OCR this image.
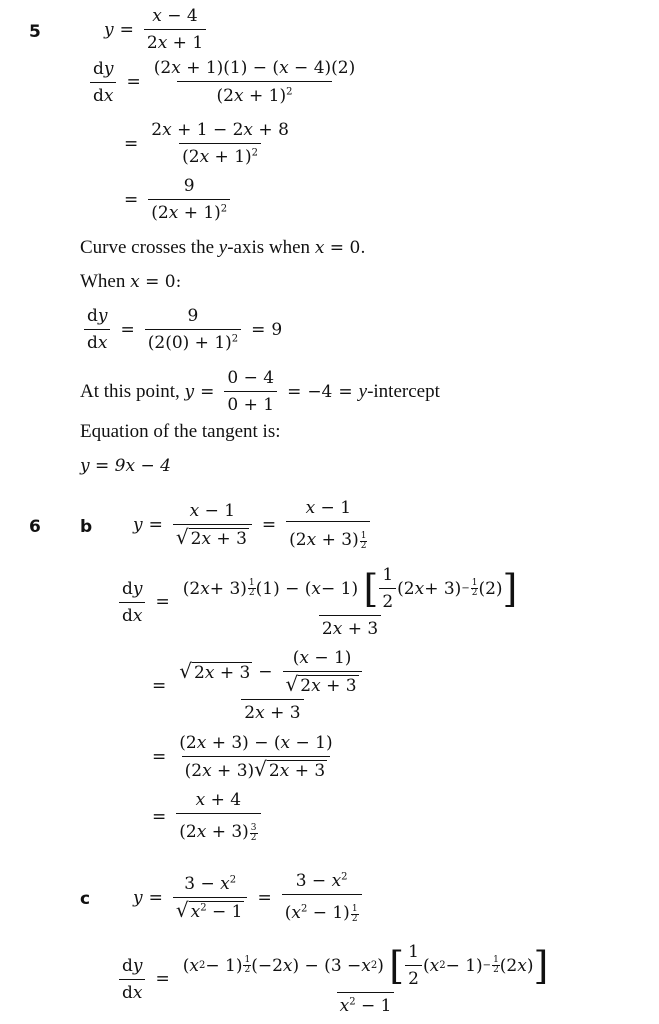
5	$y = \frac{x - 4}{2x + 1}$
$\frac{dy}{dx} = \frac{(2x + 1)(1) - (x - 4)(2)}{(2x + 1)^2}$
= $\frac{2x + 1 - 2x + 8}{(2x + 1)^2}$
= $\frac{9}{(2x + 1)^2}$
Curve crosses the
y -axis when
x = 0.
When
x = 0:
$\frac{dy}{dx} = \frac{9}{(2(0) + 1)^2} = 9$
At this point,
$y = \frac{0 - 4}{0 + 1} = -4 = y$ -intercept
Equation of the tangent is:
y = 9x − 4
6 b $y = \frac{x - 1}{√ 2x + 3} = \frac{x - 1}{(2x + 3) \frac{1}{2}}$
$\frac{dy}{dx} = (2$ x + 3) 1
2 (1) − ( x − 1) [ $\frac{1}{2} (2$ $x + 3) - \frac{1}{2} (2)$ ]
2x + 3
= $\frac{√ 2x + 3 - \frac{(x - 1)}{√ 2x + 3}}{2x + 3}$
= $\frac{(2x + 3) - (x - 1)}{(2x + 3) √ 2x + 3}$
= $\frac{x + 4}{(2x + 3) \frac{3}{2}}$
c	$y = \frac{3 - x^2}{√ x^2 - 1} = \frac{3 - x^2}{(x^2 - 1) \frac{1}{2}}$
$\frac{dy}{dx}$ = ( x 2 − 1) 1
2 (−2 x ) − (3 − x 2 ) [ $\frac{1}{2}$ ( x $2 - 1) - \frac{1}{2} (2$ x ) ]
$x^2 - 1$
